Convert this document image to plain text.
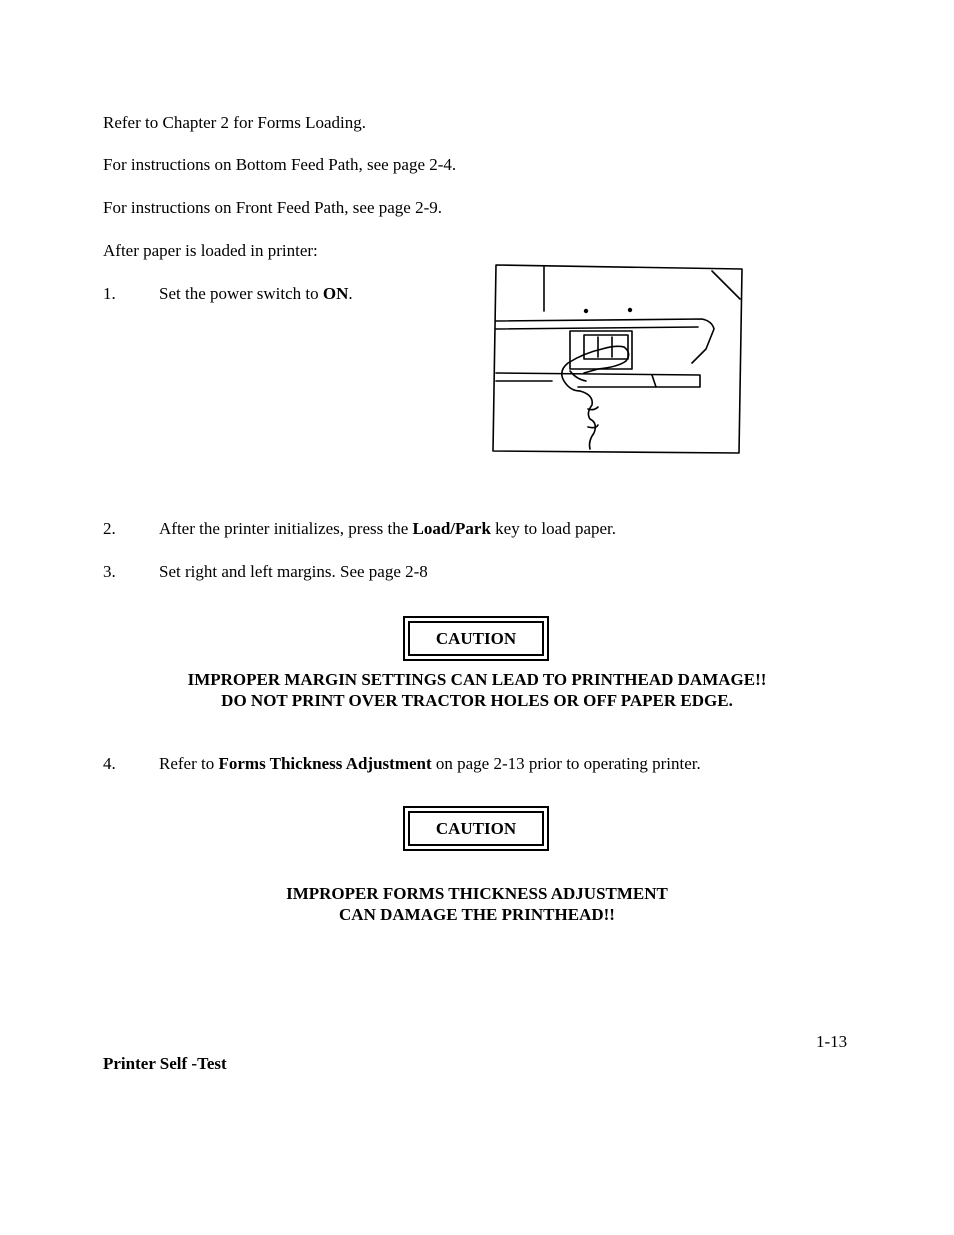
Refer to Chapter 2 for Forms Loading.
For instructions on Bottom Feed Path, see page 2-4.
For instructions on Front Feed Path, see page 2-9.
After paper is loaded in printer:
1.	Set the power switch to ON.
2.	After the printer initializes, press the Load/Park key to load paper.
3.	Set right and left margins. See page 2-8
CAUTION
IMPROPER MARGIN SETTINGS CAN LEAD TO PRINTHEAD DAMAGE!!
DO NOT PRINT OVER TRACTOR HOLES OR OFF PAPER EDGE.
4.	Refer to Forms Thickness Adjustment on page 2-13 prior to operating printer.
CAUTION
IMPROPER FORMS THICKNESS ADJUSTMENT
CAN DAMAGE THE PRINTHEAD!!
1-13
Printer Self -Test
